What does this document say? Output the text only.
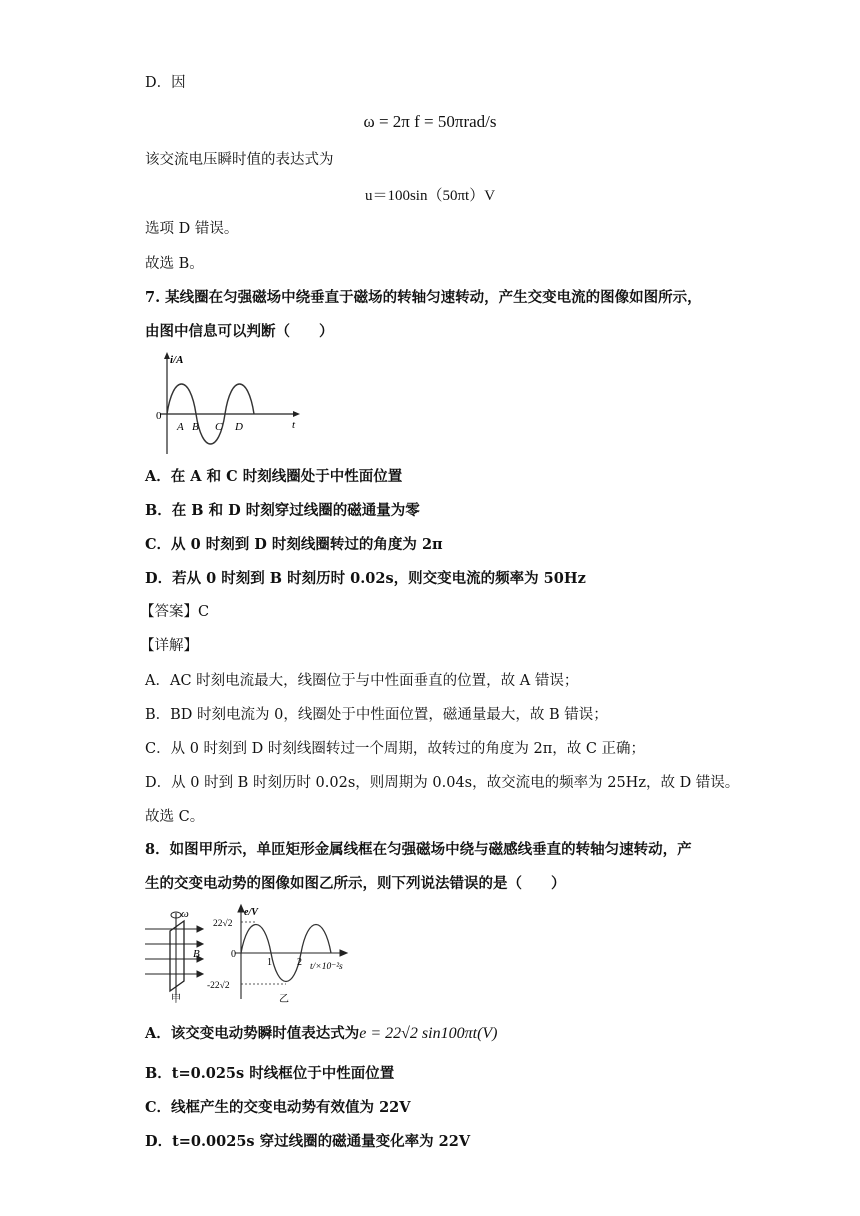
D．因
ω = 2π f = 50πrad/s
该交流电压瞬时值的表达式为
u＝100sin（50πt）V
选项 D 错误。
故选 B。
7. 某线圈在匀强磁场中绕垂直于磁场的转轴匀速转动，产生交变电流的图像如图所示，
由图中信息可以判断（　　）
i/A
t
0
A B C D
A．在 A 和 C 时刻线圈处于中性面位置
B．在 B 和 D 时刻穿过线圈的磁通量为零
C．从 0 时刻到 D 时刻线圈转过的角度为 2π
D．若从 0 时刻到 B 时刻历时 0.02s，则交变电流的频率为 50Hz
【答案】C
【详解】
A．AC 时刻电流最大，线圈位于与中性面垂直的位置，故 A 错误；
B．BD 时刻电流为 0，线圈处于中性面位置，磁通量最大，故 B 错误；
C．从 0 时刻到 D 时刻线圈转过一个周期，故转过的角度为 2π，故 C 正确；
D．从 0 时到 B 时刻历时 0.02s，则周期为 0.04s，故交流电的频率为 25Hz，故 D 错误。
故选 C。
8．如图甲所示，单匝矩形金属线框在匀强磁场中绕与磁感线垂直的转轴匀速转动，产
生的交变电动势的图像如图乙所示，则下列说法错误的是（　　）
ω
B
甲
e/V
22√2
0
-22√2
1	2 t/×10⁻²s
乙
A．该交变电动势瞬时值表达式为e = 22√2 sin100πt(V)
B．t=0.025s 时线框位于中性面位置
C．线框产生的交变电动势有效值为 22V
D．t=0.0025s 穿过线圈的磁通量变化率为 22V
